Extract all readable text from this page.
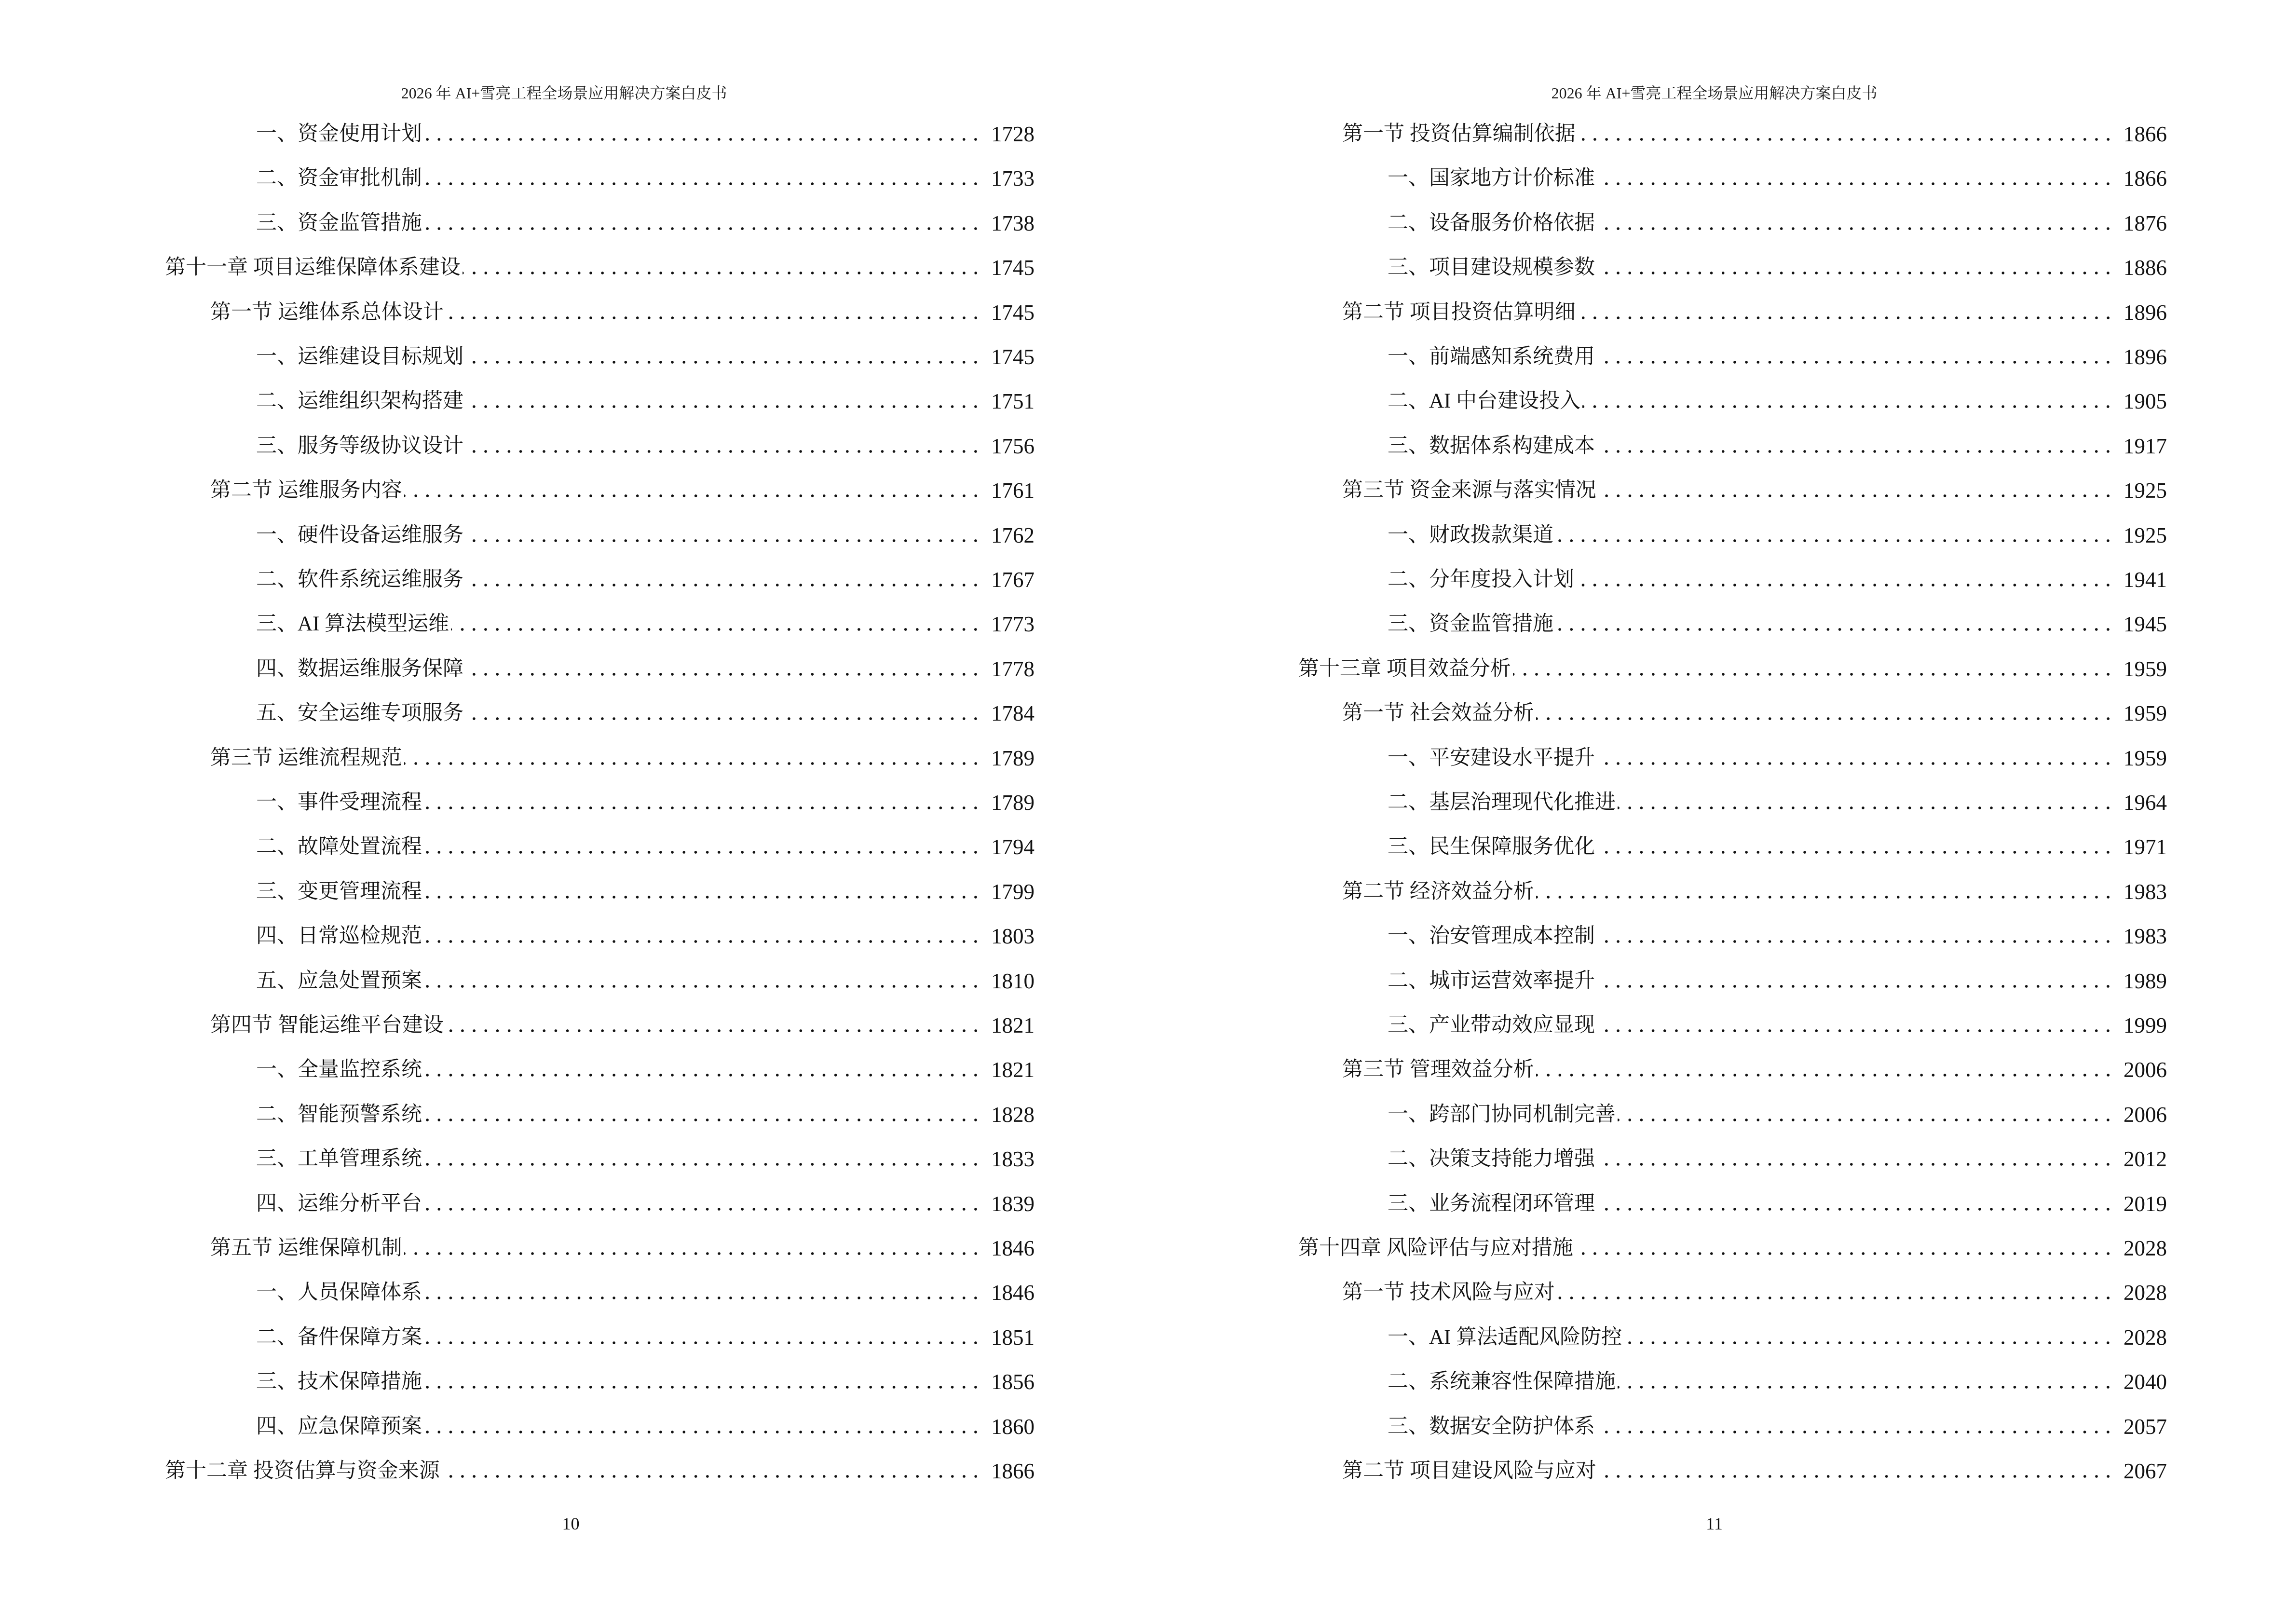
2026 年 AI+雪亮工程全场景应用解决方案白皮书
一、资金使用计划	1728
二、资金审批机制	1733
三、资金监管措施	1738
第十一章 项目运维保障体系建设	1745
第一节 运维体系总体设计	1745
一、运维建设目标规划	1745
二、运维组织架构搭建	1751
三、服务等级协议设计	1756
第二节 运维服务内容	1761
一、硬件设备运维服务	1762
二、软件系统运维服务	1767
三、AI 算法模型运维	1773
四、数据运维服务保障	1778
五、安全运维专项服务	1784
第三节 运维流程规范	1789
一、事件受理流程	1789
二、故障处置流程	1794
三、变更管理流程	1799
四、日常巡检规范	1803
五、应急处置预案	1810
第四节 智能运维平台建设	1821
一、全量监控系统	1821
二、智能预警系统	1828
三、工单管理系统	1833
四、运维分析平台	1839
第五节 运维保障机制	1846
一、人员保障体系	1846
二、备件保障方案	1851
三、技术保障措施	1856
四、应急保障预案	1860
第十二章 投资估算与资金来源	1866
10
2026 年 AI+雪亮工程全场景应用解决方案白皮书
第一节 投资估算编制依据	1866
一、国家地方计价标准	1866
二、设备服务价格依据	1876
三、项目建设规模参数	1886
第二节 项目投资估算明细	1896
一、前端感知系统费用	1896
二、AI 中台建设投入	1905
三、数据体系构建成本	1917
第三节 资金来源与落实情况	1925
一、财政拨款渠道	1925
二、分年度投入计划	1941
三、资金监管措施	1945
第十三章 项目效益分析	1959
第一节 社会效益分析	1959
一、平安建设水平提升	1959
二、基层治理现代化推进	1964
三、民生保障服务优化	1971
第二节 经济效益分析	1983
一、治安管理成本控制	1983
二、城市运营效率提升	1989
三、产业带动效应显现	1999
第三节 管理效益分析	2006
一、跨部门协同机制完善	2006
二、决策支持能力增强	2012
三、业务流程闭环管理	2019
第十四章 风险评估与应对措施	2028
第一节 技术风险与应对	2028
一、AI 算法适配风险防控	2028
二、系统兼容性保障措施	2040
三、数据安全防护体系	2057
第二节 项目建设风险与应对	2067
11
